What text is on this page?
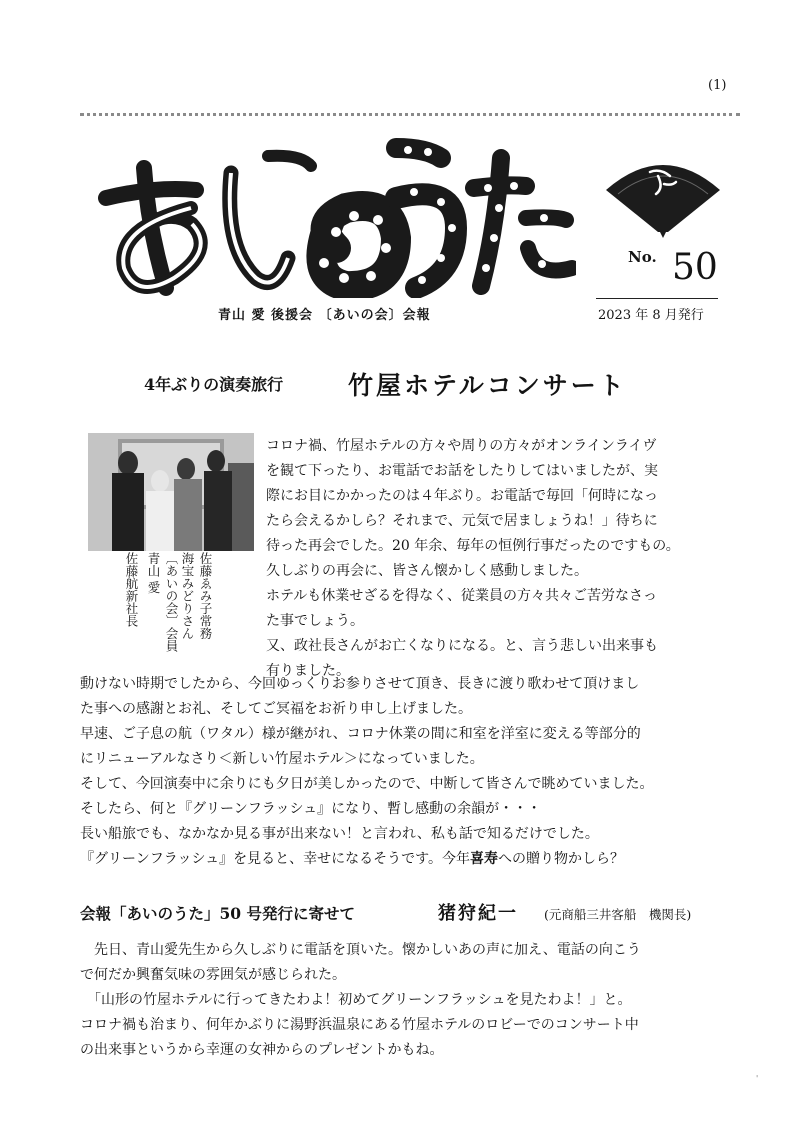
(1)
No. 50
青山 愛 後援会 〔あいの会〕会報	2023 年 8 月発行
4年ぶりの演奏旅行	竹屋ホテルコンサート
佐藤ゑみ子常務
海宝みどりさん
〔あいの会〕会員
青山 愛
佐藤航新社長
コロナ禍、竹屋ホテルの方々や周りの方々がオンラインライヴ
を観て下ったり、お電話でお話をしたりしてはいましたが、実
際にお目にかかったのは４年ぶり。お電話で毎回「何時になっ
たら会えるかしら？それまで、元気で居ましょうね！」待ちに
待った再会でした。20 年余、毎年の恒例行事だったのですもの。
久しぶりの再会に、皆さん懐かしく感動しました。
ホテルも休業せざるを得なく、従業員の方々共々ご苦労なさっ
た事でしょう。
又、政社長さんがお亡くなりになる。と、言う悲しい出来事も
有りました。
動けない時期でしたから、今回ゆっくりお参りさせて頂き、長きに渡り歌わせて頂けまし
た事への感謝とお礼、そしてご冥福をお祈り申し上げました。
早速、ご子息の航（ワタル）様が継がれ、コロナ休業の間に和室を洋室に変える等部分的
にリニューアルなさり＜新しい竹屋ホテル＞になっていました。
そして、今回演奏中に余りにも夕日が美しかったので、中断して皆さんで眺めていました。
そしたら、何と『グリーンフラッシュ』になり、暫し感動の余韻が・・・
長い船旅でも、なかなか見る事が出来ない！と言われ、私も話で知るだけでした。
『グリーンフラッシュ』を見ると、幸せになるそうです。今年喜寿への贈り物かしら？
会報「あいのうた」50 号発行に寄せて	猪狩紀一 (元商船三井客船　機関長)
　先日、青山愛先生から久しぶりに電話を頂いた。懐かしいあの声に加え、電話の向こう
で何だか興奮気味の雰囲気が感じられた。
　「山形の竹屋ホテルに行ってきたわよ！初めてグリーンフラッシュを見たわよ！」と。
コロナ禍も治まり、何年かぶりに湯野浜温泉にある竹屋ホテルのロビーでのコンサート中
の出来事というから幸運の女神からのプレゼントかもね。
'
